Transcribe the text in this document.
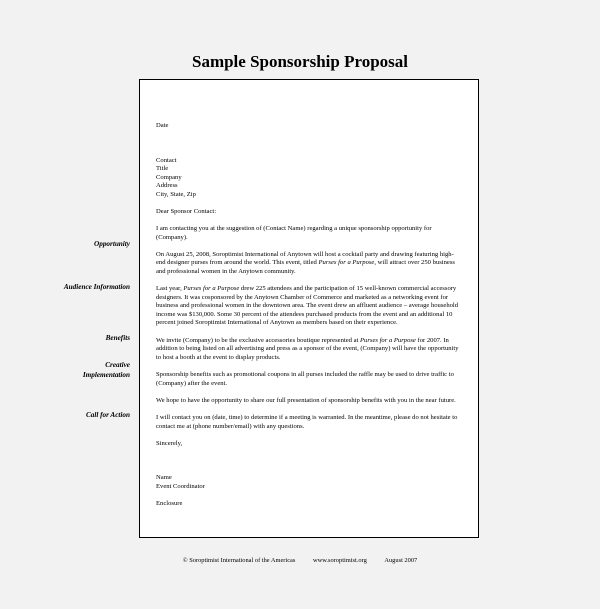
Sample Sponsorship Proposal

Date

Contact

Title

Company

Address

City, State, Zip

Dear Sponsor Contact:

I am contacting you at the suggestion of (Contact Name) regarding a unique sponsorship opportunity for (Company).

On August 25, 2008, Soroptimist International of Anytown will host a cocktail party and drawing featuring high-end designer purses from around the world. This event, titled Purses for a Purpose, will attract over 250 business and professional women in the Anytown community.

Last year, Purses for a Purpose drew 225 attendees and the participation of 15 well-known commercial accessory designers. It was cosponsored by the Anytown Chamber of Commerce and marketed as a networking event for business and professional women in the downtown area. The event drew an affluent audience – average household income was $130,000. Some 30 percent of the attendees purchased products from the event and an additional 10 percent joined Soroptimist International of Anytown as members based on their experience.

We invite (Company) to be the exclusive accessories boutique represented at Purses for a Purpose for 2007. In addition to being listed on all advertising and press as a sponsor of the event, (Company) will have the opportunity to host a booth at the event to display products.

Sponsorship benefits such as promotional coupons in all purses included the raffle may be used to drive traffic to (Company) after the event.

We hope to have the opportunity to share our full presentation of sponsorship benefits with you in the near future.

I will contact you on (date, time) to determine if a meeting is warranted. In the meantime, please do not hesitate to contact me at (phone number/email) with any questions.

Sincerely,

Name

Event Coordinator

Enclosure

Opportunity
Audience Information
Benefits
Creative Implementation
Call for Action
© Soroptimist International of the Americas	www.soroptimist.org	August 2007
